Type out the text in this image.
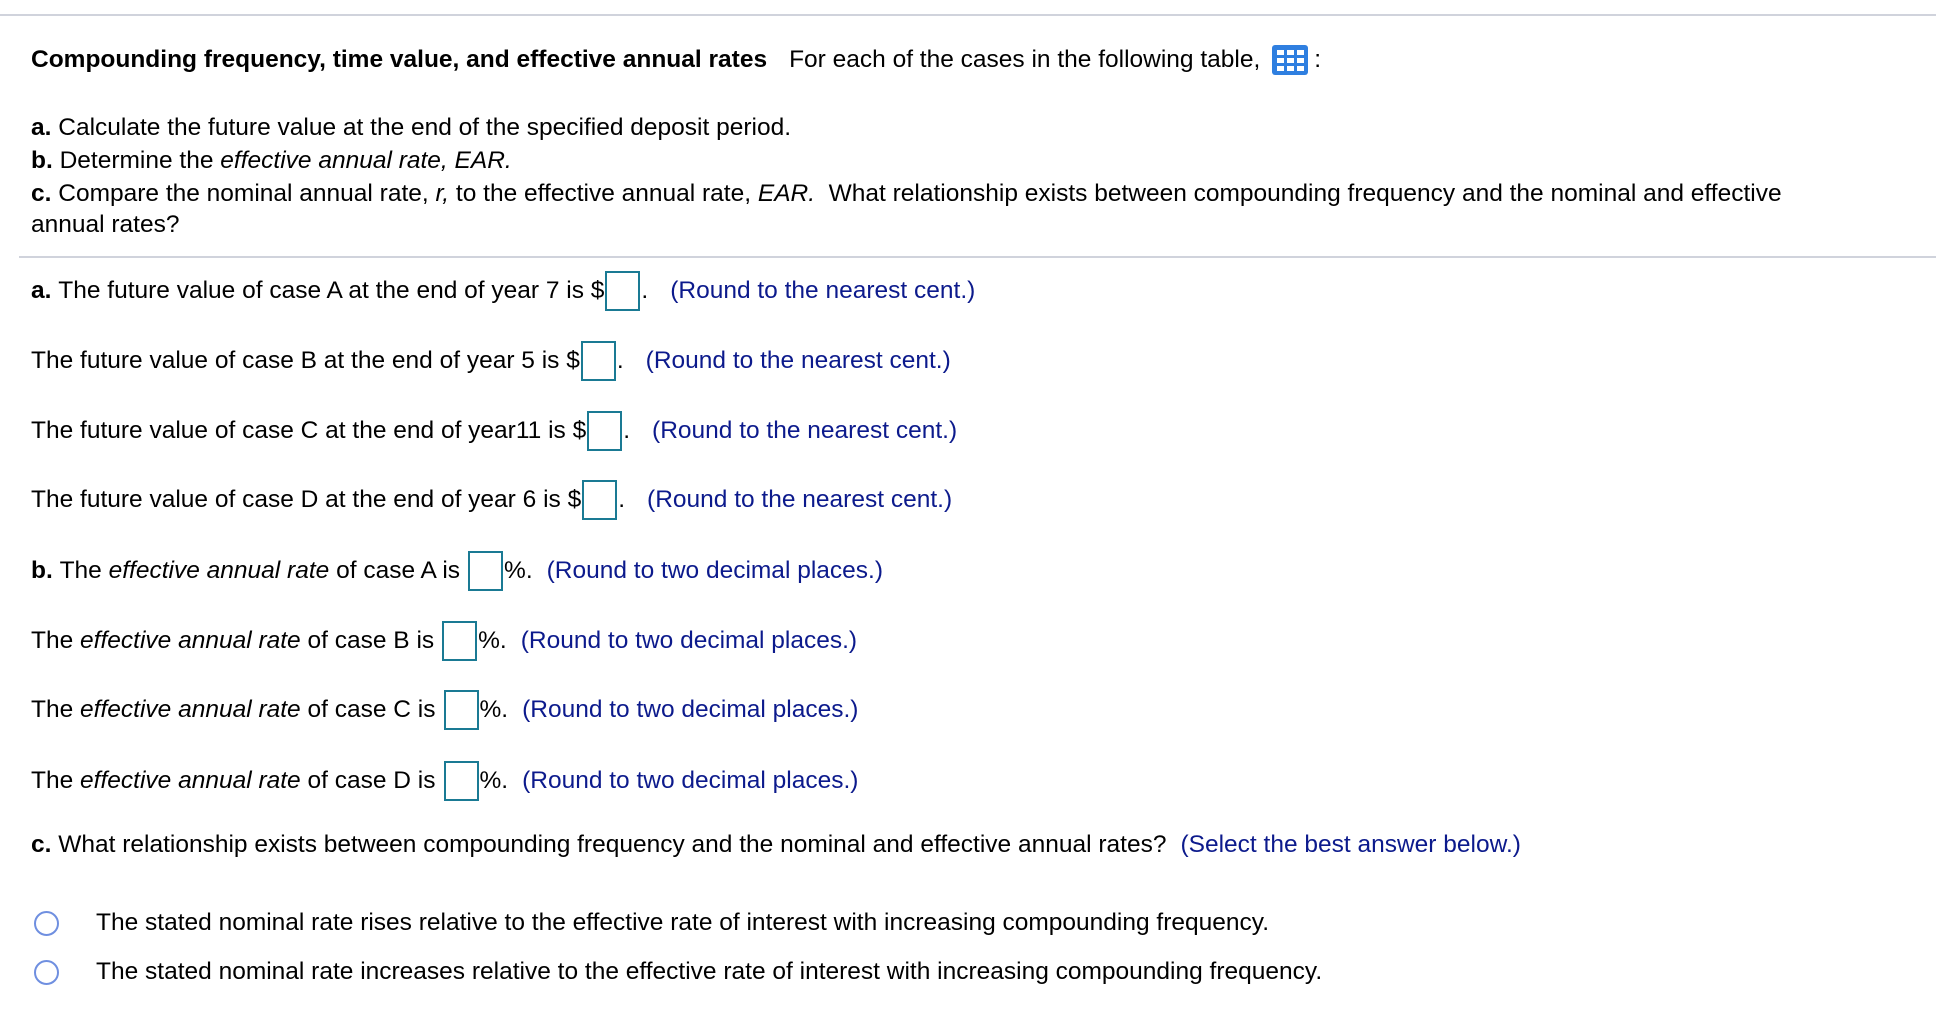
Compounding frequency, time value, and effective annual rates For each of the cases in the following table, :
a.
Calculate the future value at the end of the specified deposit period.
b.
Determine the effective annual rate, EAR.
c.
Compare the nominal annual rate, r, to the effective annual rate, EAR. What relationship exists between compounding frequency and the nominal and effective
annual rates?
a.
The future value of case A at the end of year 7 is $ . (Round to the nearest cent.)
The future value of case B at the end of year 5 is $ . (Round to the nearest cent.)
The future value of case C at the end of year11 is $ . (Round to the nearest cent.)
The future value of case D at the end of year 6 is $ . (Round to the nearest cent.)
b.
The effective annual rate of case A is %. (Round to two decimal places.)
The effective annual rate of case B is %. (Round to two decimal places.)
The effective annual rate of case C is %. (Round to two decimal places.)
The effective annual rate of case D is %. (Round to two decimal places.)
c.
What relationship exists between compounding frequency and the nominal and effective annual rates? (Select the best answer below.)
The stated nominal rate rises relative to the effective rate of interest with increasing compounding frequency.
The stated nominal rate increases relative to the effective rate of interest with increasing compounding frequency.
